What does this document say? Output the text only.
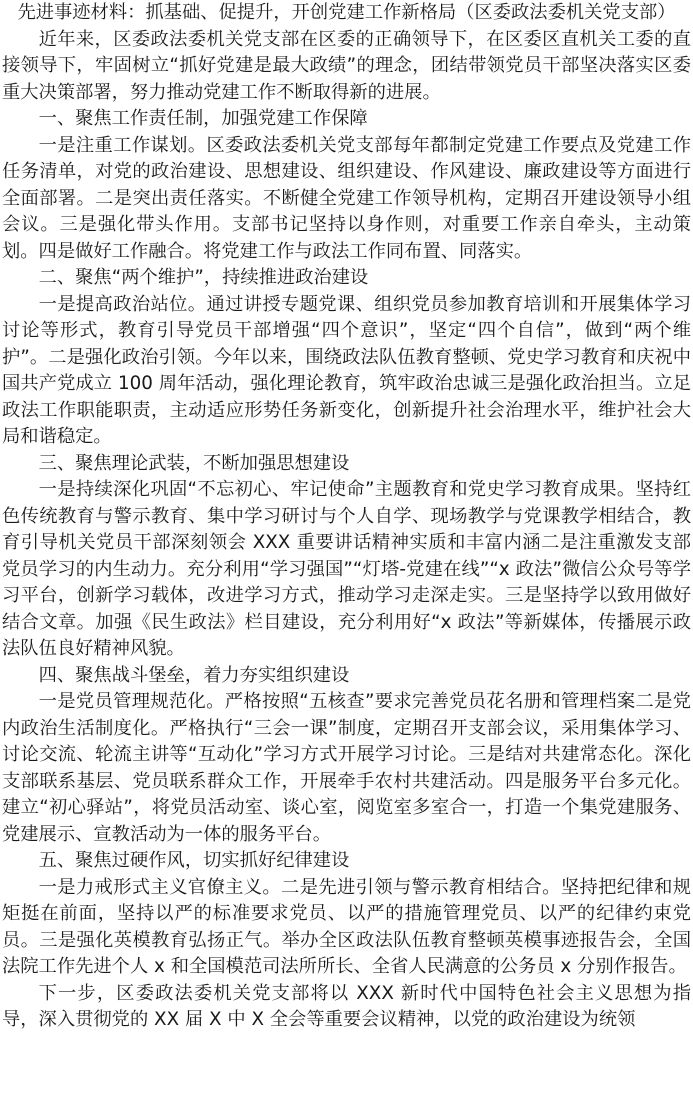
先进事迹材料：抓基础、促提升，开创党建工作新格局（区委政法委机关党支部）

近年来，区委政法委机关党支部在区委的正确领导下，在区委区直机关工委的直接领导下，牢固树立“抓好党建是最大政绩”的理念，团结带领党员干部坚决落实区委重大决策部署，努力推动党建工作不断取得新的进展。

一、聚焦工作责任制，加强党建工作保障

一是注重工作谋划。区委政法委机关党支部每年都制定党建工作要点及党建工作任务清单，对党的政治建设、思想建设、组织建设、作风建设、廉政建设等方面进行全面部署。二是突出责任落实。不断健全党建工作领导机构，定期召开建设领导小组会议。三是强化带头作用。支部书记坚持以身作则，对重要工作亲自牵头，主动策划。四是做好工作融合。将党建工作与政法工作同布置、同落实。

二、聚焦“两个维护”，持续推进政治建设

一是提高政治站位。通过讲授专题党课、组织党员参加教育培训和开展集体学习讨论等形式，教育引导党员干部增强“四个意识”，坚定“四个自信”，做到“两个维护”。二是强化政治引领。今年以来，围绕政法队伍教育整顿、党史学习教育和庆祝中国共产党成立 100 周年活动，强化理论教育，筑牢政治忠诚三是强化政治担当。立足政法工作职能职责，主动适应形势任务新变化，创新提升社会治理水平，维护社会大局和谐稳定。

三、聚焦理论武装，不断加强思想建设

一是持续深化巩固“不忘初心、牢记使命”主题教育和党史学习教育成果。坚持红色传统教育与警示教育、集中学习研讨与个人自学、现场教学与党课教学相结合，教育引导机关党员干部深刻领会 XXX 重要讲话精神实质和丰富内涵二是注重激发支部党员学习的内生动力。充分利用“学习强国”“灯塔-党建在线”“x 政法”微信公众号等学习平台，创新学习载体，改进学习方式，推动学习走深走实。三是坚持学以致用做好结合文章。加强《民生政法》栏目建设，充分利用好“x 政法”等新媒体，传播展示政法队伍良好精神风貌。

四、聚焦战斗堡垒，着力夯实组织建设

一是党员管理规范化。严格按照“五核查”要求完善党员花名册和管理档案二是党内政治生活制度化。严格执行“三会一课”制度，定期召开支部会议，采用集体学习、讨论交流、轮流主讲等“互动化”学习方式开展学习讨论。三是结对共建常态化。深化支部联系基层、党员联系群众工作，开展牵手农村共建活动。四是服务平台多元化。建立“初心驿站”，将党员活动室、谈心室，阅览室多室合一，打造一个集党建服务、党建展示、宣教活动为一体的服务平台。

五、聚焦过硬作风，切实抓好纪律建设

一是力戒形式主义官僚主义。二是先进引领与警示教育相结合。坚持把纪律和规矩挺在前面，坚持以严的标准要求党员、以严的措施管理党员、以严的纪律约束党员。三是强化英模教育弘扬正气。举办全区政法队伍教育整顿英模事迹报告会，全国法院工作先进个人 x 和全国模范司法所所长、全省人民满意的公务员 x 分别作报告。

下一步，区委政法委机关党支部将以 XXX 新时代中国特色社会主义思想为指导，深入贯彻党的 XX 届 X 中 X 全会等重要会议精神，以党的政治建设为统领
